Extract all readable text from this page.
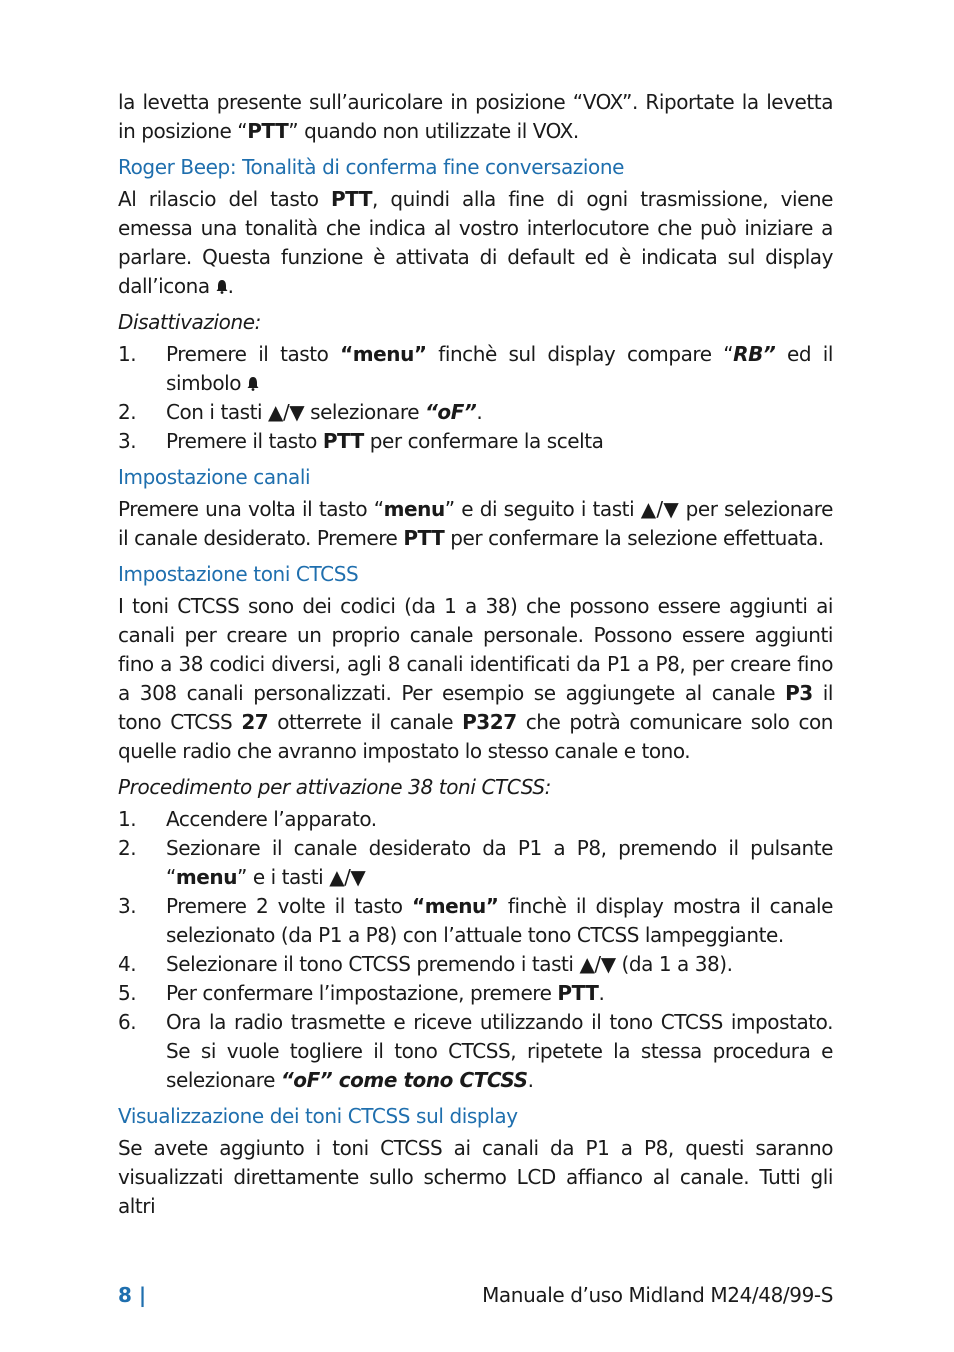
la levetta presente sull’auricolare in posizione “VOX”. Riportate la levetta in posizione “PTT” quando non utilizzate il VOX.

Roger Beep: Tonalità di conferma fine conversazione

Al rilascio del tasto PTT, quindi alla fine di ogni trasmissione, viene emessa una tonalità che indica al vostro interlocutore che può iniziare a parlare. Questa funzione è attivata di default ed è indicata sul display dall’icona .

Disattivazione:
1.	Premere il tasto “menu” finchè sul display compare “RB” ed il simbolo
2.	Con i tasti ▲/▼ selezionare “oF”.
3.	Premere il tasto PTT per confermare la scelta
Impostazione canali

Premere una volta il tasto “menu” e di seguito i tasti ▲/▼ per selezionare il canale desiderato. Premere PTT per confermare la selezione effettuata.

Impostazione toni CTCSS

I toni CTCSS sono dei codici (da 1 a 38) che possono essere aggiunti ai canali per creare un proprio canale personale. Possono essere aggiunti fino a 38 codici diversi, agli 8 canali identificati da P1 a P8, per creare fino a 308 canali personalizzati. Per esempio se aggiungete al canale P3 il tono CTCSS 27 otterrete il canale P327 che potrà comunicare solo con quelle radio che avranno impostato lo stesso canale e tono.

Procedimento per attivazione 38 toni CTCSS:
1.	Accendere l’apparato.
2.	Sezionare il canale desiderato da P1 a P8, premendo il pulsante “menu” e i tasti ▲/▼
3.	Premere 2 volte il tasto “menu” finchè il display mostra il canale selezionato (da P1 a P8) con l’attuale tono CTCSS lampeggiante.
4.	Selezionare il tono CTCSS premendo i tasti ▲/▼ (da 1 a 38).
5.	Per confermare l’impostazione, premere PTT.
6.	Ora la radio trasmette e riceve utilizzando il tono CTCSS impostato. Se si vuole togliere il tono CTCSS, ripetete la stessa procedura e selezionare “oF” come tono CTCSS.
Visualizzazione dei toni CTCSS sul display

Se avete aggiunto i toni CTCSS ai canali da P1 a P8, questi saranno visualizzati direttamente sullo schermo LCD affianco al canale. Tutti gli altri

8 |	Manuale d’uso Midland M24/48/99-S
